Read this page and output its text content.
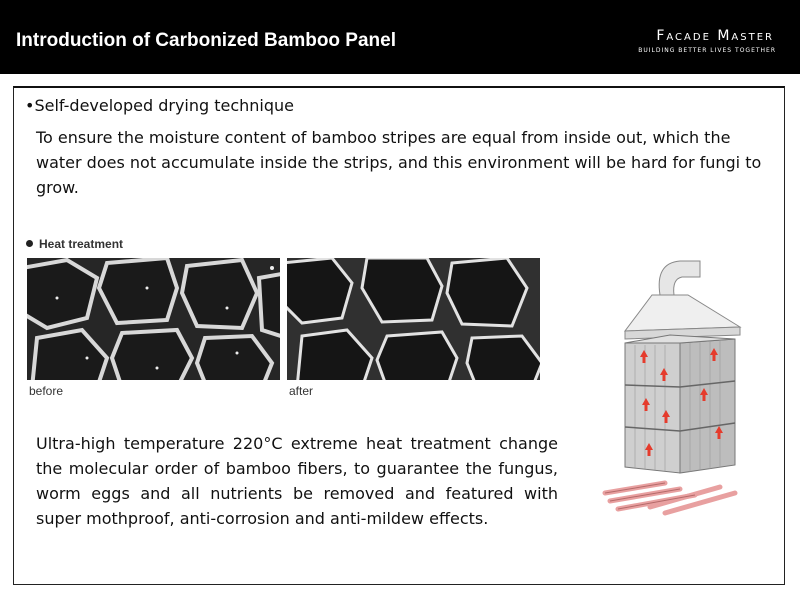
Introduction of Carbonized Bamboo Panel	Facade Master
BUILDING BETTER LIVES TOGETHER
•Self-developed drying technique
To ensure the moisture content of bamboo stripes are equal from inside out, which the water does not accumulate inside the strips, and this environment will be hard for fungi to grow.
Heat treatment
before	after
Ultra-high temperature 220°C extreme heat treatment change the molecular order of bamboo fibers, to guarantee the fungus, worm eggs and all nutrients be removed and featured with super mothproof, anti-corrosion and anti-mildew effects.
